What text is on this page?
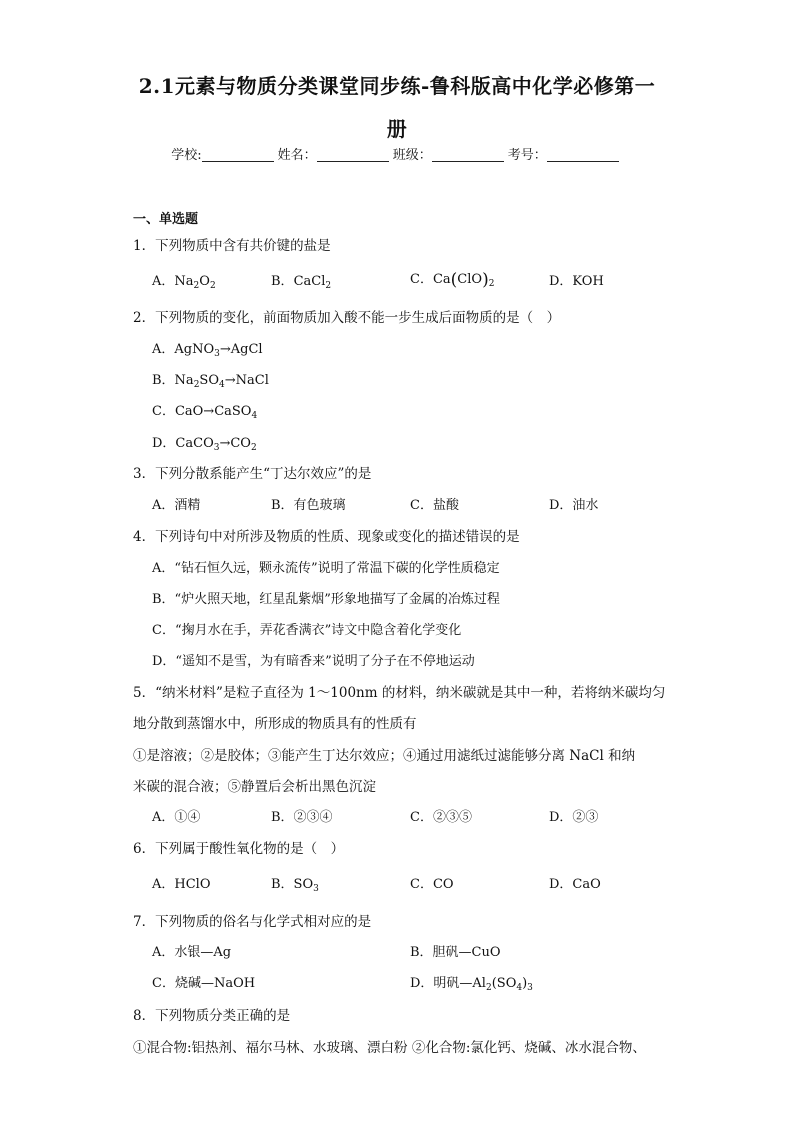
2.1元素与物质分类课堂同步练-鲁科版高中化学必修第一
册
学校:	姓名：	班级：	考号：
一、单选题
1．下列物质中含有共价键的盐是
A．$Na_2O_2$	B．CaCl$_2$	C．$Ca(ClO)_2$	D．KOH
2．下列物质的变化，前面物质加入酸不能一步生成后面物质的是（　）
A．AgNO$_3$→AgCl
B．$Na_2SO_4\to NaCl$
C．CaO→CaSO$_4$
D．$CaCO_3\to CO_2$
3．下列分散系能产生“丁达尔效应”的是
A．酒精	B．有色玻璃	C．盐酸	D．油水
4．下列诗句中对所涉及物质的性质、现象或变化的描述错误的是
A．“钻石恒久远，颗永流传”说明了常温下碳的化学性质稳定
B．“炉火照天地，红星乱紫烟”形象地描写了金属的冶炼过程
C．“掬月水在手，弄花香满衣”诗文中隐含着化学变化
D．“遥知不是雪，为有暗香来”说明了分子在不停地运动
5．“纳米材料”是粒子直径为 1～100nm 的材料，纳米碳就是其中一种，若将纳米碳均匀
地分散到蒸馏水中，所形成的物质具有的性质有
①是溶液；②是胶体；③能产生丁达尔效应；④通过用滤纸过滤能够分离 NaCl 和纳
米碳的混合液；⑤静置后会析出黑色沉淀
A．①④	B．②③④	C．②③⑤	D．②③
6．下列属于酸性氧化物的是（　）
A．HClO	B．$SO_3$	C．CO	D．CaO
7．下列物质的俗名与化学式相对应的是
A．水银—Ag	B．胆矾—CuO
C．烧碱—NaOH	D．明矾$—Al_2(SO_4)_3$
8．下列物质分类正确的是
①混合物:铝热剂、福尔马林、水玻璃、漂白粉 ②化合物:氯化钙、烧碱、冰水混合物、
